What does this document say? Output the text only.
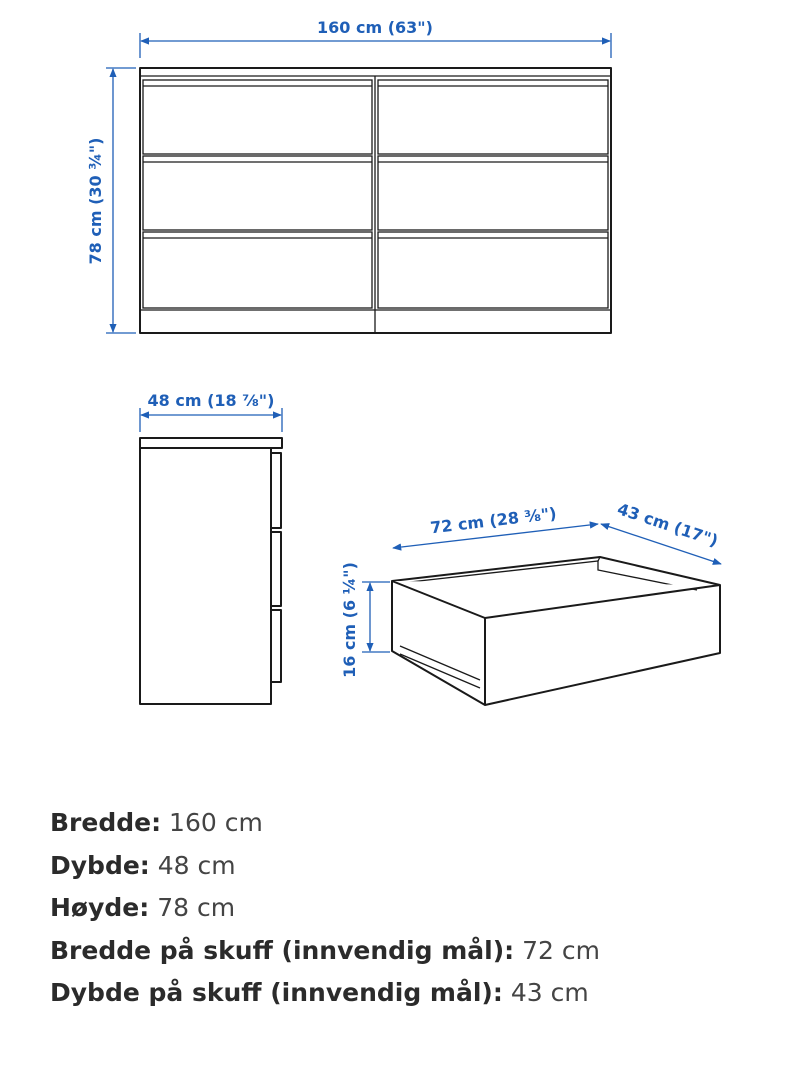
160 cm (63")
78 cm (30 ¾")
48 cm (18 ⅞")
72 cm (28 ⅜")	43 cm (17")
16 cm (6 ¼")
Bredde: 160 cm
Dybde: 48 cm
Høyde: 78 cm
Bredde på skuff (innvendig mål): 72 cm
Dybde på skuff (innvendig mål): 43 cm
